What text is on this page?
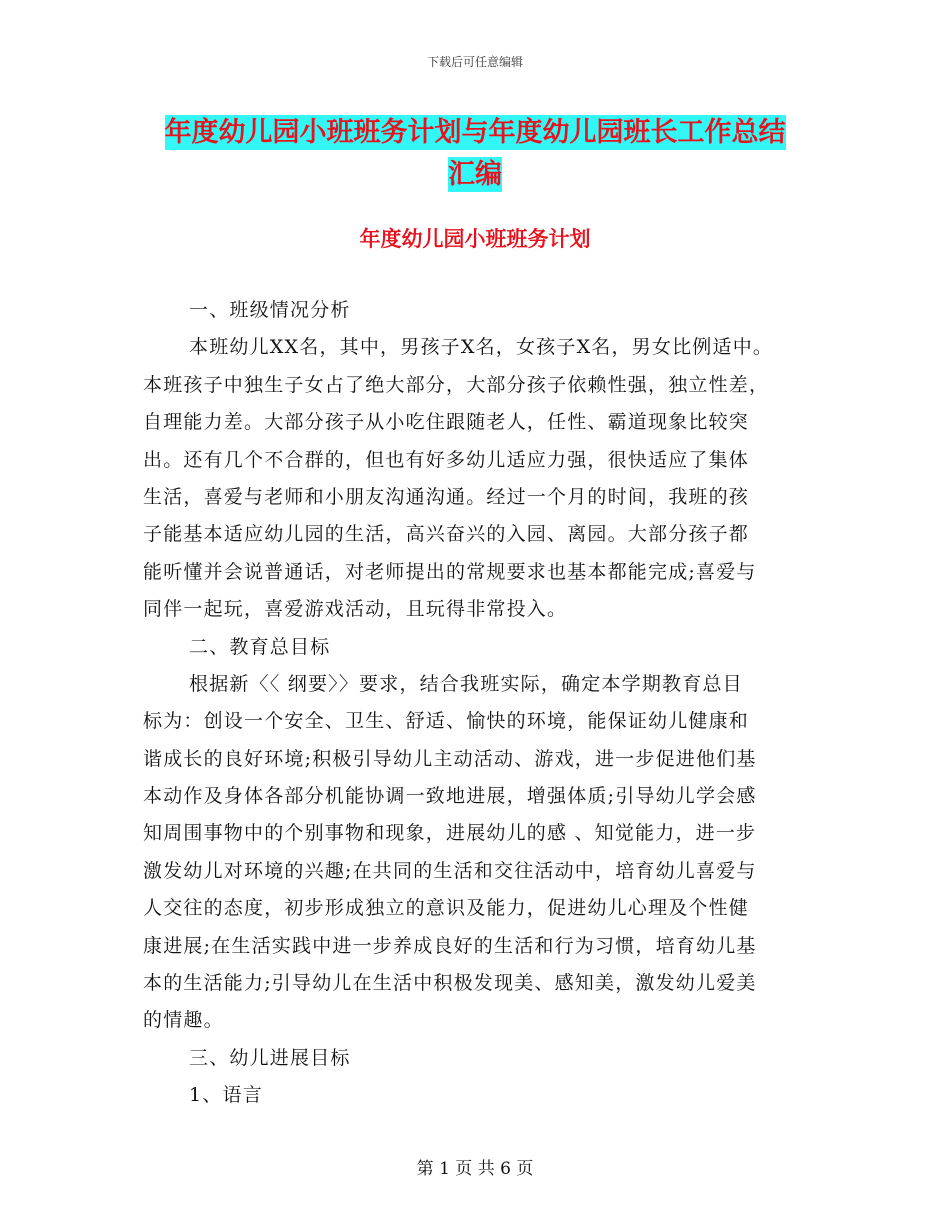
下载后可任意编辑
年度幼儿园小班班务计划与年度幼儿园班长工作总结
汇编
年度幼儿园小班班务计划
一、班级情况分析
本班幼儿XX名，其中，男孩子X名，女孩子X名，男女比例适中。
本班孩子中独生子女占了绝大部分，大部分孩子依赖性强，独立性差，
自理能力差。大部分孩子从小吃住跟随老人，任性、霸道现象比较突
出。还有几个不合群的，但也有好多幼儿适应力强，很快适应了集体
生活，喜爱与老师和小朋友沟通沟通。经过一个月的时间，我班的孩
子能基本适应幼儿园的生活，高兴奋兴的入园、离园。大部分孩子都
能听懂并会说普通话，对老师提出的常规要求也基本都能完成;喜爱与
同伴一起玩，喜爱游戏活动，且玩得非常投入。
二、教育总目标
根据新〈〈 纲要〉〉要求，结合我班实际，确定本学期教育总目
标为：创设一个安全、卫生、舒适、愉快的环境，能保证幼儿健康和
谐成长的良好环境;积极引导幼儿主动活动、游戏，进一步促进他们基
本动作及身体各部分机能协调一致地进展，增强体质;引导幼儿学会感
知周围事物中的个别事物和现象，进展幼儿的感 、知觉能力，进一步
激发幼儿对环境的兴趣;在共同的生活和交往活动中，培育幼儿喜爱与
人交往的态度，初步形成独立的意识及能力，促进幼儿心理及个性健
康进展;在生活实践中进一步养成良好的生活和行为习惯，培育幼儿基
本的生活能力;引导幼儿在生活中积极发现美、感知美，激发幼儿爱美
的情趣。
三、幼儿进展目标
1、语言
第 1 页 共 6 页
